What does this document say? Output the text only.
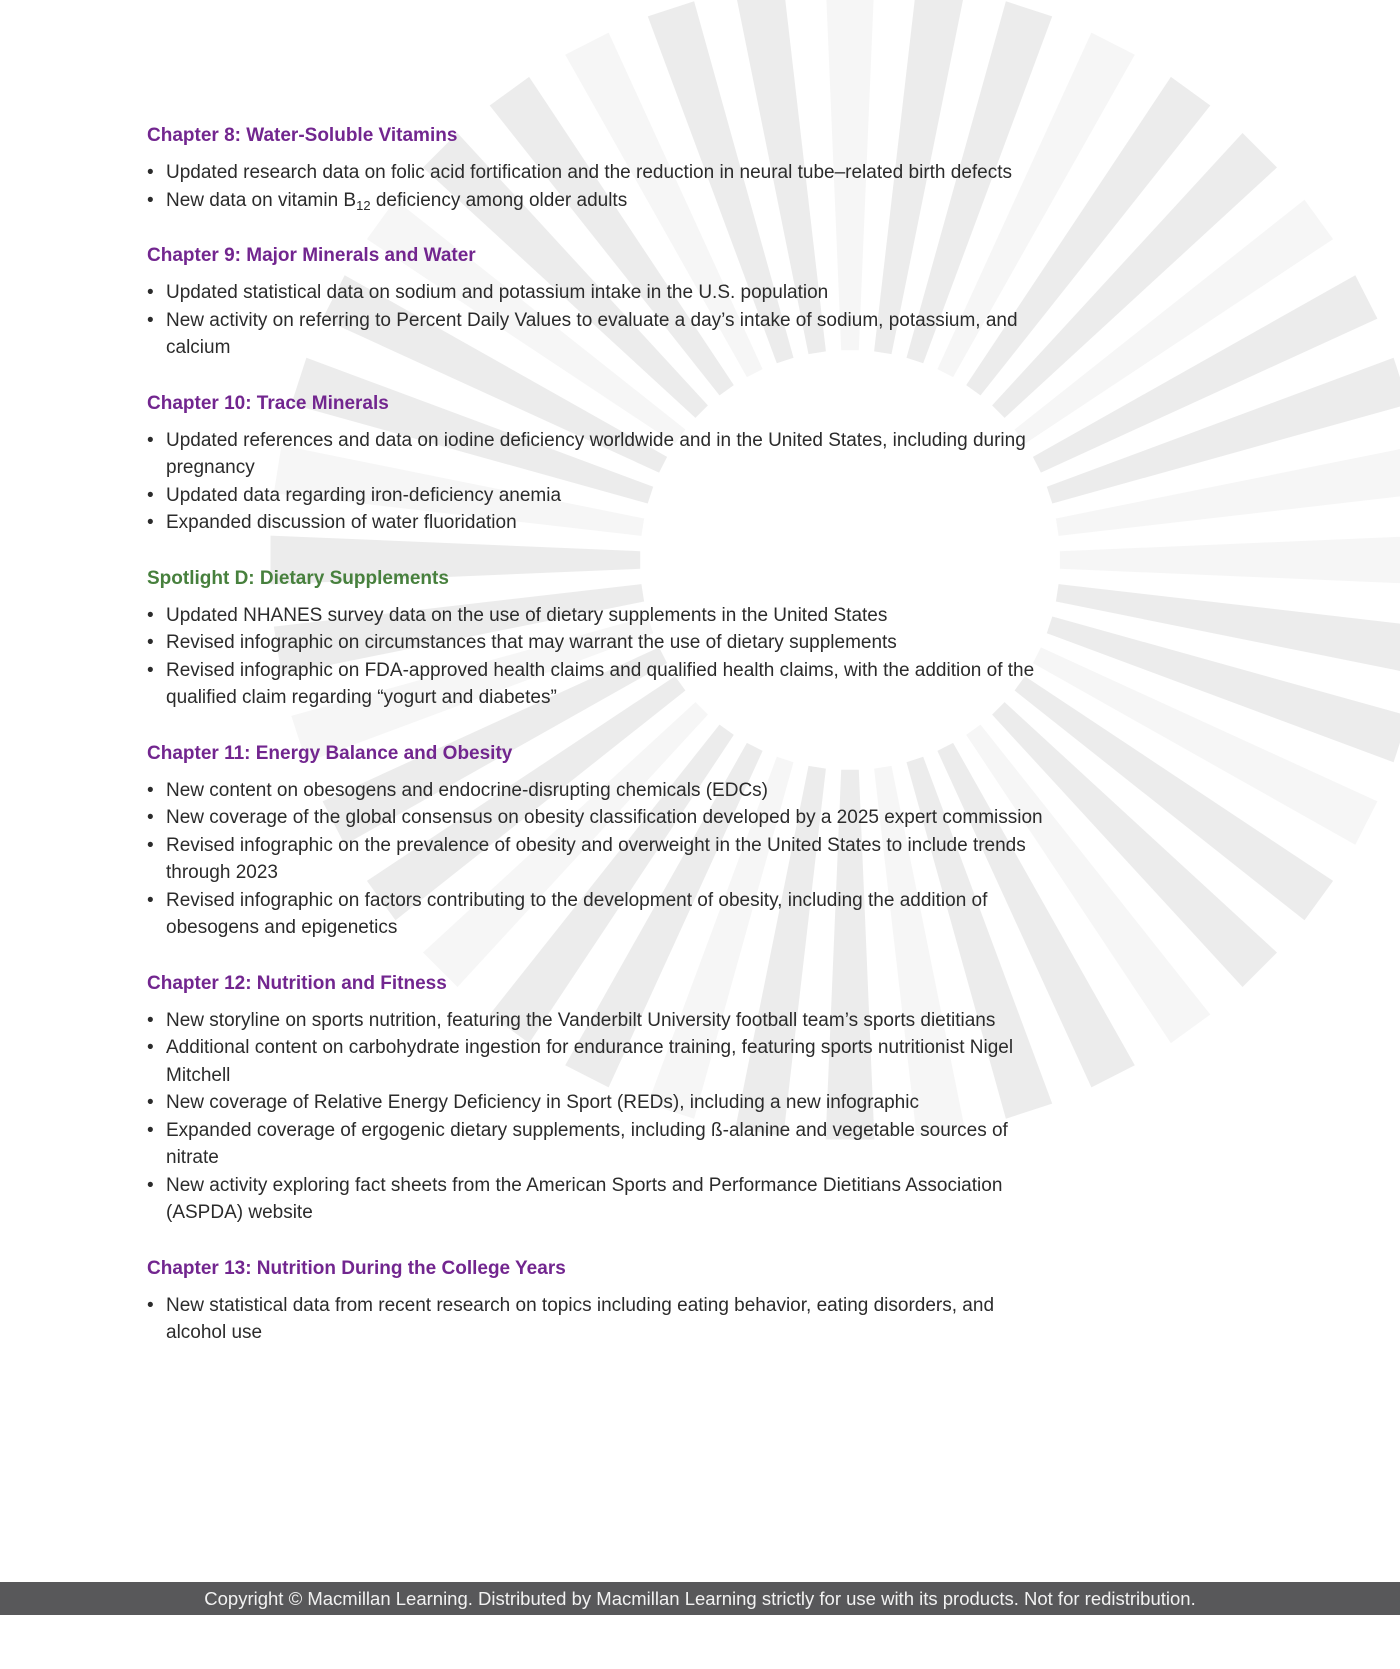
Chapter 8: Water-Soluble Vitamins
• Updated research data on folic acid fortification and the reduction in neural tube–related birth defects
• New data on vitamin $B_{12}$ deficiency among older adults
Chapter 9: Major Minerals and Water
• Updated statistical data on sodium and potassium intake in the U.S. population
• New activity on referring to Percent Daily Values to evaluate a day’s intake of sodium, potassium, and calcium
Chapter 10: Trace Minerals
• Updated references and data on iodine deficiency worldwide and in the United States, including during pregnancy
• Updated data regarding iron-deficiency anemia
• Expanded discussion of water fluoridation
Spotlight D: Dietary Supplements
• Updated NHANES survey data on the use of dietary supplements in the United States
• Revised infographic on circumstances that may warrant the use of dietary supplements
• Revised infographic on FDA-approved health claims and qualified health claims, with the addition of the qualified claim regarding “yogurt and diabetes”
Chapter 11: Energy Balance and Obesity
• New content on obesogens and endocrine-disrupting chemicals (EDCs)
• New coverage of the global consensus on obesity classification developed by a 2025 expert commission
• Revised infographic on the prevalence of obesity and overweight in the United States to include trends through 2023
• Revised infographic on factors contributing to the development of obesity, including the addition of obesogens and epigenetics
Chapter 12: Nutrition and Fitness
• New storyline on sports nutrition, featuring the Vanderbilt University football team’s sports dietitians
• Additional content on carbohydrate ingestion for endurance training, featuring sports nutritionist Nigel Mitchell
• New coverage of Relative Energy Deficiency in Sport (REDs), including a new infographic
• Expanded coverage of ergogenic dietary supplements, including ß-alanine and vegetable sources of nitrate
• New activity exploring fact sheets from the American Sports and Performance Dietitians Association (ASPDA) website
Chapter 13: Nutrition During the College Years
• New statistical data from recent research on topics including eating behavior, eating disorders, and alcohol use
Copyright © Macmillan Learning. Distributed by Macmillan Learning strictly for use with its products. Not for redistribution.
